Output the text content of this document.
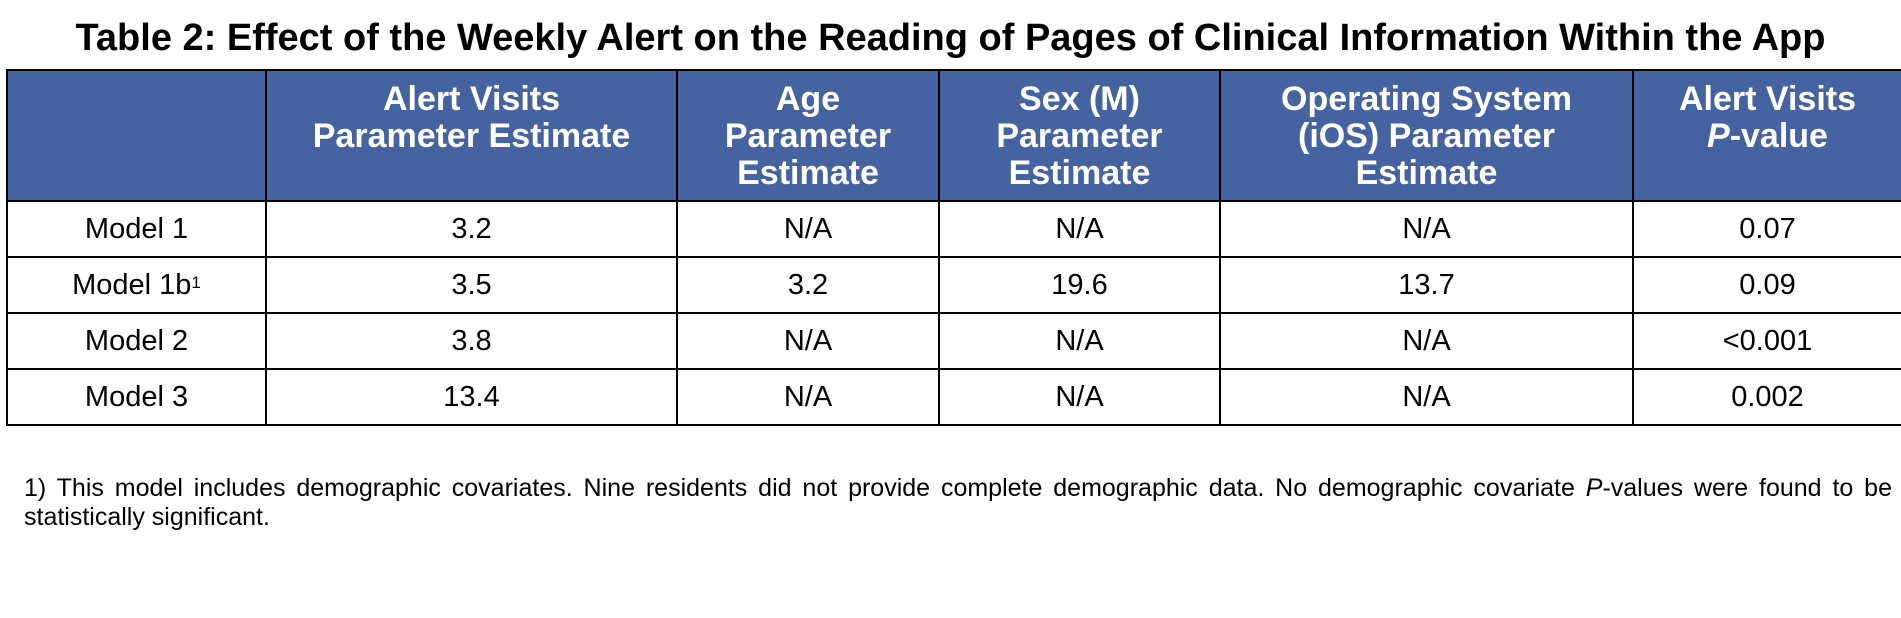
Table 2: Effect of the Weekly Alert on the Reading of Pages of Clinical Information Within the App

	Alert Visits
Parameter Estimate	Age
Parameter
Estimate	Sex (M)
Parameter
Estimate	Operating System
(iOS) Parameter
Estimate	Alert Visits
P-value

Model 1	3.2	N/A	N/A	N/A	0.07
Model 1b$^1$	3.5	3.2	19.6	13.7	0.09
Model 2	3.8	N/A	N/A	N/A	<0.001
Model 3	13.4	N/A	N/A	N/A	0.002
1) This model includes demographic covariates. Nine residents did not provide complete demographic data. No demographic covariate P-values were found to be statistically significant.
